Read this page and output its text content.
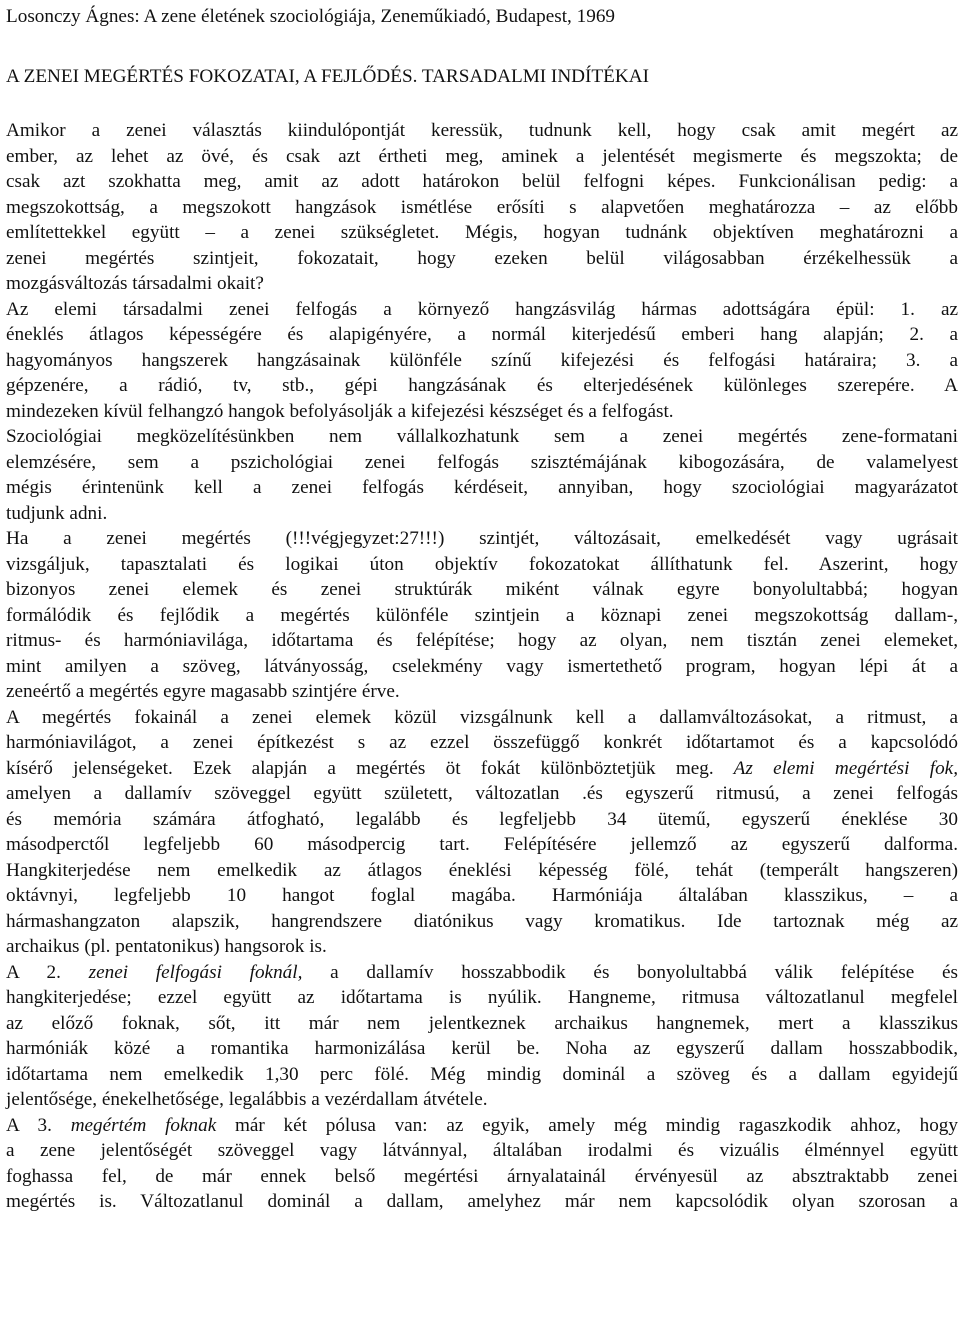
Losonczy Ágnes: A zene életének szociológiája, Zeneműkiadó, Budapest, 1969
A ZENEI MEGÉRTÉS FOKOZATAI, A FEJLŐDÉS. TARSADALMI INDÍTÉKAI
Amikor a zenei választás kiindulópontját keressük, tudnunk kell, hogy csak amit megért az
ember, az lehet az övé, és csak azt értheti meg, aminek a jelentését megismerte és megszokta; de
csak azt szokhatta meg, amit az adott határokon belül felfogni képes. Funkcionálisan pedig: a
megszokottság, a megszokott hangzások ismétlése erősíti s alapvetően meghatározza – az előbb
említettekkel együtt – a zenei szükségletet. Mégis, hogyan tudnánk objektíven meghatározni a
zenei megértés szintjeit, fokozatait, hogy ezeken belül világosabban érzékelhessük a
mozgásváltozás társadalmi okait?
Az elemi társadalmi zenei felfogás a környező hangzásvilág hármas adottságára épül: 1. az
éneklés átlagos képességére és alapigényére, a normál kiterjedésű emberi hang alapján; 2. a
hagyományos hangszerek hangzásainak különféle színű kifejezési és felfogási határaira; 3. a
gépzenére, a rádió, tv, stb., gépi hangzásának és elterjedésének különleges szerepére. A
mindezeken kívül felhangzó hangok befolyásolják a kifejezési készséget és a felfogást.
Szociológiai megközelítésünkben nem vállalkozhatunk sem a zenei megértés zene-formatani
elemzésére, sem a pszichológiai zenei felfogás szisztémájának kibogozására, de valamelyest
mégis érintenünk kell a zenei felfogás kérdéseit, annyiban, hogy szociológiai magyarázatot
tudjunk adni.
Ha a zenei megértés (!!!végjegyzet:27!!!) szintjét, változásait, emelkedését vagy ugrásait
vizsgáljuk, tapasztalati és logikai úton objektív fokozatokat állíthatunk fel. Aszerint, hogy
bizonyos zenei elemek és zenei struktúrák miként válnak egyre bonyolultabbá; hogyan
formálódik és fejlődik a megértés különféle szintjein a köznapi zenei megszokottság dallam-,
ritmus- és harmóniavilága, időtartama és felépítése; hogy az olyan, nem tisztán zenei elemeket,
mint amilyen a szöveg, látványosság, cselekmény vagy ismertethető program, hogyan lépi át a
zeneértő a megértés egyre magasabb szintjére érve.
A megértés fokainál a zenei elemek közül vizsgálnunk kell a dallamváltozásokat, a ritmust, a
harmóniavilágot, a zenei építkezést s az ezzel összefüggő konkrét időtartamot és a kapcsolódó
kísérő jelenségeket. Ezek alapján a megértés öt fokát különböztetjük meg. Az elemi megértési fok,
amelyen a dallamív szöveggel együtt született, változatlan .és egyszerű ritmusú, a zenei felfogás
és memória számára átfogható, legalább és legfeljebb 34 ütemű, egyszerű éneklése 30
másodperctől legfeljebb 60 másodpercig tart. Felépítésére jellemző az egyszerű dalforma.
Hangkiterjedése nem emelkedik az átlagos éneklési képesség fölé, tehát (temperált hangszeren)
oktávnyi, legfeljebb 10 hangot foglal magába. Harmóniája általában klasszikus, – a
hármashangzaton alapszik, hangrendszere diatónikus vagy kromatikus. Ide tartoznak még az
archaikus (pl. pentatonikus) hangsorok is.
A 2. zenei felfogási foknál, a dallamív hosszabbodik és bonyolultabbá válik felépítése és
hangkiterjedése; ezzel együtt az időtartama is nyúlik. Hangneme, ritmusa változatlanul megfelel
az előző foknak, sőt, itt már nem jelentkeznek archaikus hangnemek, mert a klasszikus
harmóniák közé a romantika harmonizálása kerül be. Noha az egyszerű dallam hosszabbodik,
időtartama nem emelkedik 1,30 perc fölé. Még mindig dominál a szöveg és a dallam egyidejű
jelentősége, énekelhetősége, legalábbis a vezérdallam átvétele.
A 3. megértém foknak már két pólusa van: az egyik, amely még mindig ragaszkodik ahhoz, hogy
a zene jelentőségét szöveggel vagy látvánnyal, általában irodalmi és vizuális élménnyel együtt
foghassa fel, de már ennek belső megértési árnyalatainál érvényesül az absztraktabb zenei
megértés is. Változatlanul dominál a dallam, amelyhez már nem kapcsolódik olyan szorosan a
